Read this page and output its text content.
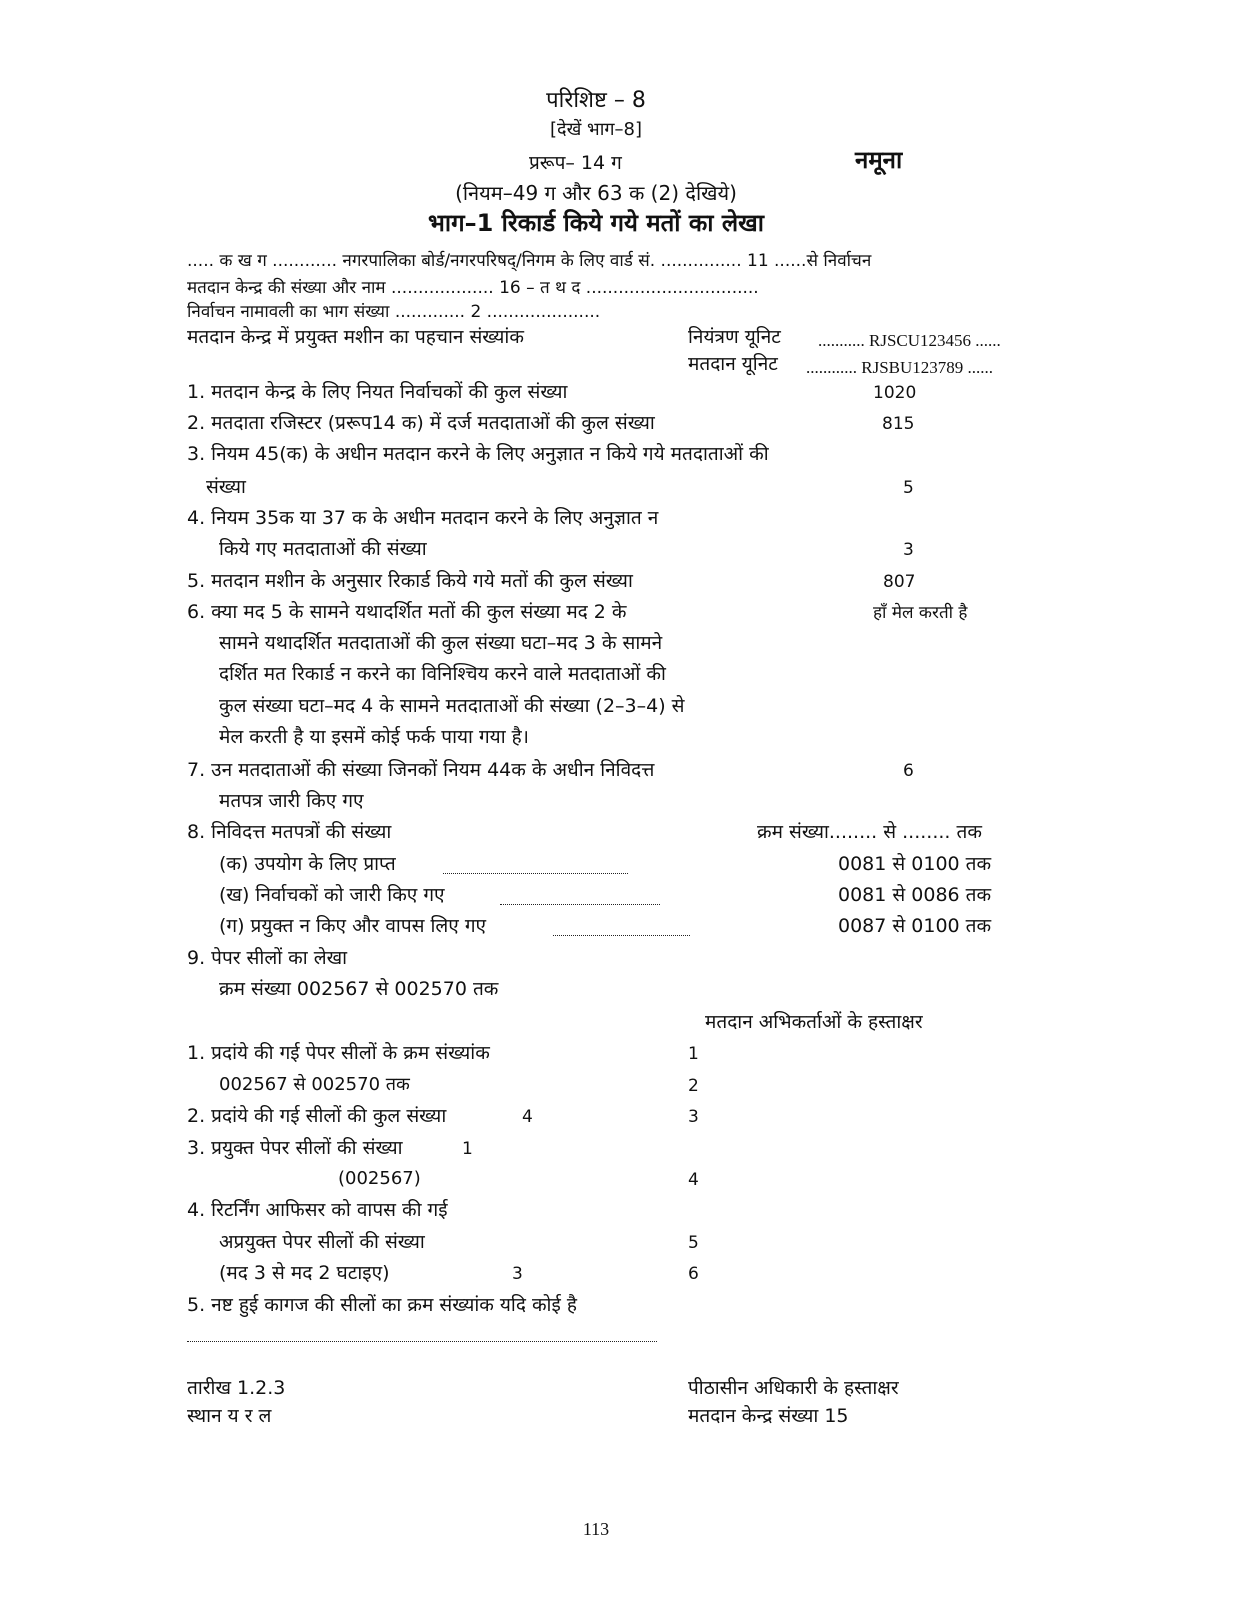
परिशिष्ट – 8
[देखें भाग–8]
प्ररूप– 14 ग	नमूना
(नियम–49 ग और 63 क (2) देखिये)
भाग–1 रिकार्ड किये गये मतों का लेखा
..... क ख ग ............ नगरपालिका बोर्ड/नगरपरिषद्/निगम के लिए वार्ड सं. ............... 11 ......से निर्वाचन
मतदान केन्द्र की संख्या और नाम ................... 16 – त थ द ................................
निर्वाचन नामावली का भाग संख्या ............. 2 .....................
मतदान केन्द्र में प्रयुक्त मशीन का पहचान संख्यांक	नियंत्रण यूनिट ........... RJSCU123456 ......
मतदान यूनिट ............ RJSBU123789 ......
1. मतदान केन्द्र के लिए नियत निर्वाचकों की कुल संख्या	1020
2. मतदाता रजिस्टर (प्ररूप14 क) में दर्ज मतदाताओं की कुल संख्या	815
3. नियम 45(क) के अधीन मतदान करने के लिए अनुज्ञात न किये गये मतदाताओं की
संख्या	5
4. नियम 35क या 37 क के अधीन मतदान करने के लिए अनुज्ञात न
किये गए मतदाताओं की संख्या	3
5. मतदान मशीन के अनुसार रिकार्ड किये गये मतों की कुल संख्या	807
6. क्या मद 5 के सामने यथादर्शित मतों की कुल संख्या मद 2 के	हाँ मेल करती है
सामने यथादर्शित मतदाताओं की कुल संख्या घटा–मद 3 के सामने
दर्शित मत रिकार्ड न करने का विनिश्चिय करने वाले मतदाताओं की
कुल संख्या घटा–मद 4 के सामने मतदाताओं की संख्या (2–3–4) से
मेल करती है या इसमें कोई फर्क पाया गया है।
7. उन मतदाताओं की संख्या जिनकों नियम 44क के अधीन निविदत्त	6
मतपत्र जारी किए गए
8. निविदत्त मतपत्रों की संख्या	क्रम संख्या........ से ........ तक
(क) उपयोग के लिए प्राप्त	0081 से 0100 तक
(ख) निर्वाचकों को जारी किए गए	0081 से 0086 तक
(ग) प्रयुक्त न किए और वापस लिए गए	0087 से 0100 तक
9. पेपर सीलों का लेखा
क्रम संख्या 002567 से 002570 तक
मतदान अभिकर्ताओं के हस्ताक्षर
1. प्रदांये की गई पेपर सीलों के क्रम संख्यांक	1
002567 से 002570 तक	2
2. प्रदांये की गई सीलों की कुल संख्या	4	3
3. प्रयुक्त पेपर सीलों की संख्या	1
(002567)	4
4. रिटर्निंग आफिसर को वापस की गई
अप्रयुक्त पेपर सीलों की संख्या	5
(मद 3 से मद 2 घटाइए)	3	6
5. नष्ट हुई कागज की सीलों का क्रम संख्यांक यदि कोई है
तारीख 1.2.3
स्थान य र ल
पीठासीन अधिकारी के हस्ताक्षर
मतदान केन्द्र संख्या 15
113
